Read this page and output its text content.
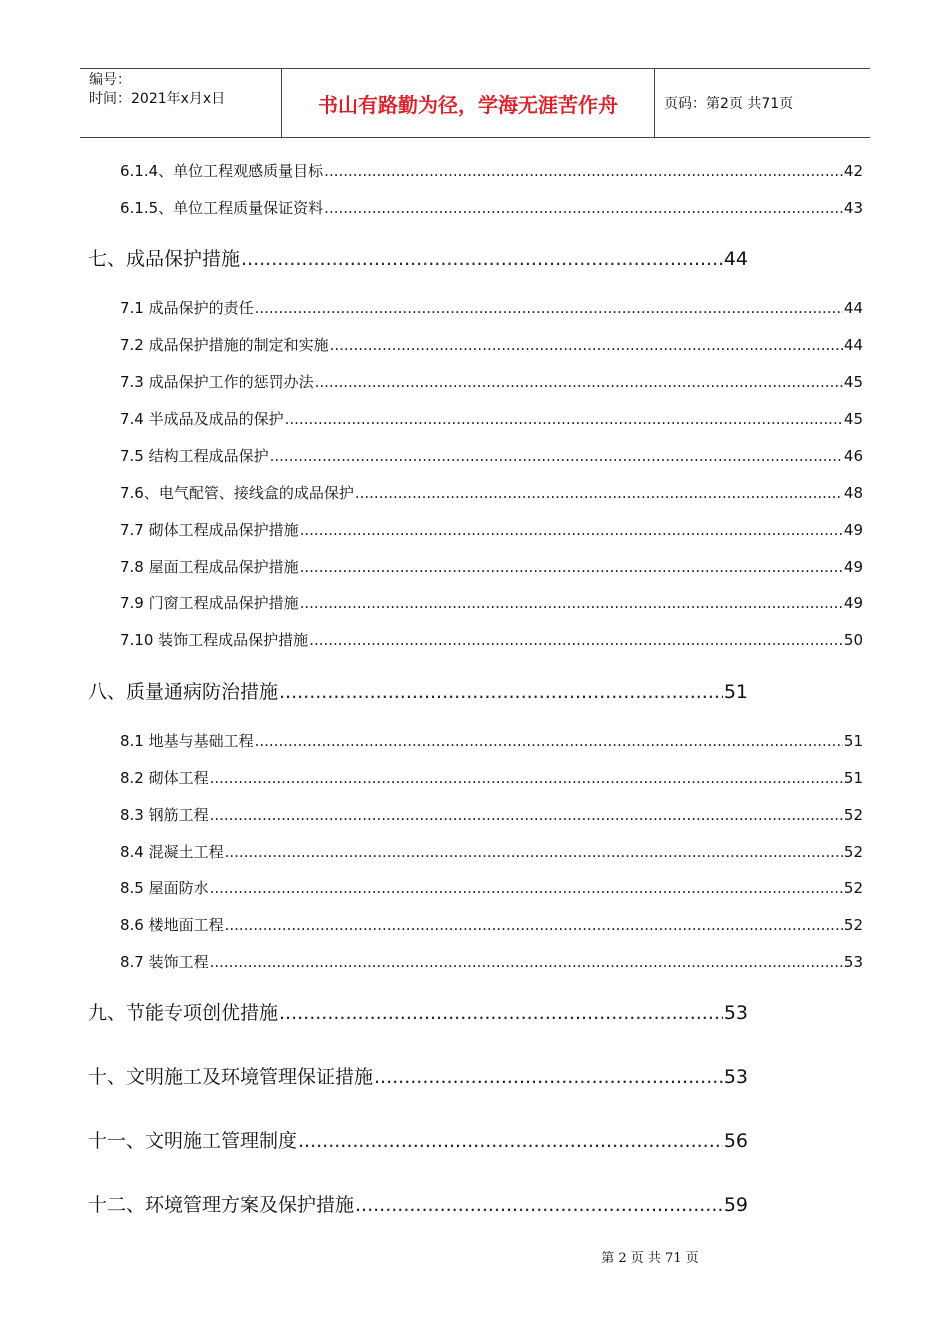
编号：
时间：2021年x月x日	书山有路勤为径，学海无涯苦作舟	页码：第2页 共71页
6.1.4、单位工程观感质量目标 .....	42
6.1.5、单位工程质量保证资料 .....	43
七、成品保护措施 .....	44
7.1 成品保护的责任 .....	44
7.2 成品保护措施的制定和实施 .....	44
7.3 成品保护工作的惩罚办法 .....	45
7.4 半成品及成品的保护 .....	45
7.5 结构工程成品保护 .....	46
7.6、电气配管、接线盒的成品保护 .....	48
7.7 砌体工程成品保护措施 .....	49
7.8 屋面工程成品保护措施 .....	49
7.9 门窗工程成品保护措施 .....	49
7.10 装饰工程成品保护措施 .....	50
八、质量通病防治措施 .....	51
8.1 地基与基础工程 .....	51
8.2 砌体工程 .....	51
8.3 钢筋工程 .....	52
8.4 混凝土工程 .....	52
8.5 屋面防水 .....	52
8.6 楼地面工程 .....	52
8.7 装饰工程 .....	53
九、节能专项创优措施 .....	53
十、文明施工及环境管理保证措施 .....	53
十一、文明施工管理制度 .....	56
十二、环境管理方案及保护措施 .....	59
第 2 页 共 71 页
